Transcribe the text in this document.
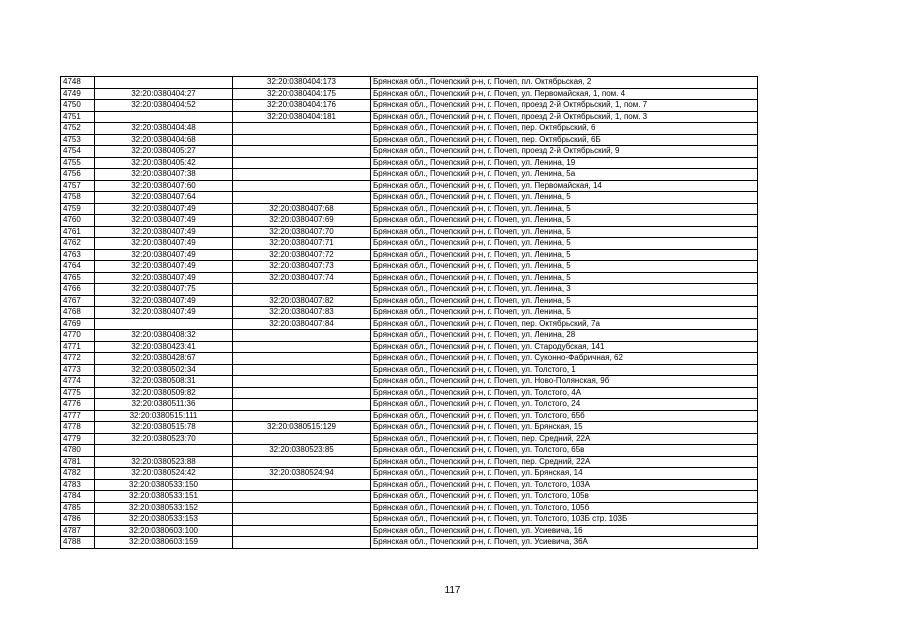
4748		32:20:0380404:173	Брянская обл., Почепский р-н, г. Почеп, пл. Октябрьская, 2
4749	32:20:0380404:27	32:20:0380404:175	Брянская обл., Почепский р-н, г. Почеп, ул. Первомайская, 1, пом. 4
4750	32:20:0380404:52	32:20:0380404:176	Брянская обл., Почепский р-н, г. Почеп, проезд 2-й Октябрьский, 1, пом. 7
4751		32:20:0380404:181	Брянская обл., Почепский р-н, г. Почеп, проезд 2-й Октябрьский, 1, пом. 3
4752	32:20:0380404:48		Брянская обл., Почепский р-н, г. Почеп, пер. Октябрьский, 6
4753	32:20:0380404:68		Брянская обл., Почепский р-н, г. Почеп, пер. Октябрьский, 6Б
4754	32:20:0380405:27		Брянская обл., Почепский р-н, г. Почеп, проезд 2-й Октябрьский, 9
4755	32:20:0380405:42		Брянская обл., Почепский р-н, г. Почеп, ул. Ленина, 19
4756	32:20:0380407:38		Брянская обл., Почепский р-н, г. Почеп, ул. Ленина, 5а
4757	32:20:0380407:60		Брянская обл., Почепский р-н, г. Почеп, ул. Первомайская, 14
4758	32:20:0380407:64		Брянская обл., Почепский р-н, г. Почеп, ул. Ленина, 5
4759	32:20:0380407:49	32:20:0380407:68	Брянская обл., Почепский р-н, г. Почеп, ул. Ленина, 5
4760	32:20:0380407:49	32:20:0380407:69	Брянская обл., Почепский р-н, г. Почеп, ул. Ленина, 5
4761	32:20:0380407:49	32:20:0380407:70	Брянская обл., Почепский р-н, г. Почеп, ул. Ленина, 5
4762	32:20:0380407:49	32:20:0380407:71	Брянская обл., Почепский р-н, г. Почеп, ул. Ленина, 5
4763	32:20:0380407:49	32:20:0380407:72	Брянская обл., Почепский р-н, г. Почеп, ул. Ленина, 5
4764	32:20:0380407:49	32:20:0380407:73	Брянская обл., Почепский р-н, г. Почеп, ул. Ленина, 5
4765	32:20:0380407:49	32:20:0380407:74	Брянская обл., Почепский р-н, г. Почеп, ул. Ленина, 5
4766	32:20:0380407:75		Брянская обл., Почепский р-н, г. Почеп, ул. Ленина, 3
4767	32:20:0380407:49	32:20:0380407:82	Брянская обл., Почепский р-н, г. Почеп, ул. Ленина, 5
4768	32:20:0380407:49	32:20:0380407:83	Брянская обл., Почепский р-н, г. Почеп, ул. Ленина, 5
4769		32:20:0380407:84	Брянская обл., Почепский р-н, г. Почеп, пер. Октябрьский, 7а
4770	32:20:0380408:32		Брянская обл., Почепский р-н, г. Почеп, ул. Ленина, 28
4771	32:20:0380423:41		Брянская обл., Почепский р-н, г. Почеп, ул. Стародубская, 141
4772	32:20:0380428:67		Брянская обл., Почепский р-н, г. Почеп, ул. Суконно-Фабричная, 62
4773	32:20:0380502:34		Брянская обл., Почепский р-н, г. Почеп, ул. Толстого, 1
4774	32:20:0380508:31		Брянская обл., Почепский р-н, г. Почеп, ул. Ново-Полянская, 9б
4775	32:20:0380509:82		Брянская обл., Почепский р-н, г. Почеп, ул. Толстого, 4А
4776	32:20:0380511:36		Брянская обл., Почепский р-н, г. Почеп, ул. Толстого, 24
4777	32:20:0380515:111		Брянская обл., Почепский р-н, г. Почеп, ул. Толстого, 65б
4778	32:20:0380515:78	32:20:0380515:129	Брянская обл., Почепский р-н, г. Почеп, ул. Брянская, 15
4779	32:20:0380523:70		Брянская обл., Почепский р-н, г. Почеп, пер. Средний, 22А
4780		32:20:0380523:85	Брянская обл., Почепский р-н, г. Почеп, ул. Толстого, 65в
4781	32:20:0380523:88		Брянская обл., Почепский р-н, г. Почеп, пер. Средний, 22А
4782	32:20:0380524:42	32:20:0380524:94	Брянская обл., Почепский р-н, г. Почеп, ул. Брянская, 14
4783	32:20:0380533:150		Брянская обл., Почепский р-н, г. Почеп, ул. Толстого, 103А
4784	32:20:0380533:151		Брянская обл., Почепский р-н, г. Почеп, ул. Толстого, 105в
4785	32:20:0380533:152		Брянская обл., Почепский р-н, г. Почеп, ул. Толстого, 105б
4786	32:20:0380533:153		Брянская обл., Почепский р-н, г. Почеп, ул. Толстого, 103Б стр. 103Б
4787	32:20:0380603:100		Брянская обл., Почепский р-н, г. Почеп, ул. Усиевича, 16
4788	32:20:0380603:159		Брянская обл., Почепский р-н, г. Почеп, ул. Усиевича, 36А
117
